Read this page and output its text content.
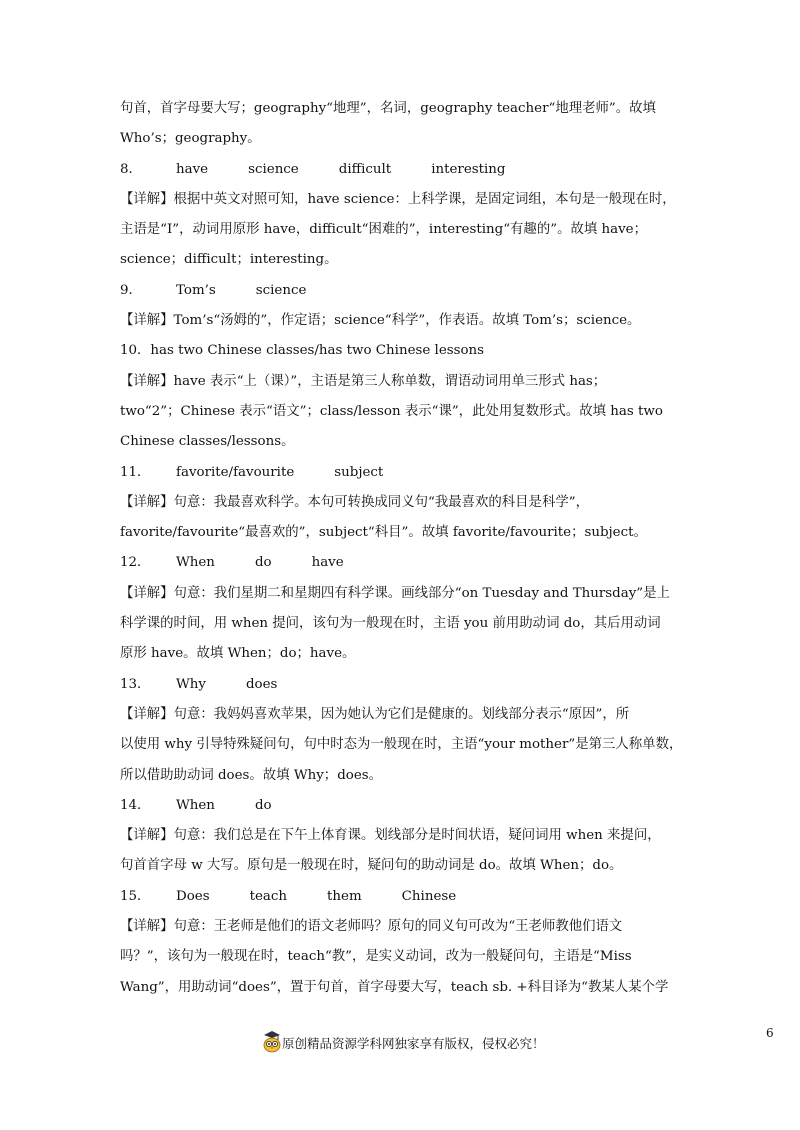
句首，首字母要大写；geography“地理”，名词，geography teacher“地理老师”。故填
Who’s；geography。
8．	have	science	difficult	interesting
【详解】根据中英文对照可知，have science：上科学课，是固定词组，本句是一般现在时，
主语是“I”，动词用原形 have，difficult“困难的”，interesting“有趣的”。故填 have；
science；difficult；interesting。
9．	Tom’s	science
【详解】Tom’s“汤姆的”，作定语；science“科学”，作表语。故填 Tom’s；science。
10．has two Chinese classes/has two Chinese lessons
【详解】have 表示“上（课）”，主语是第三人称单数，谓语动词用单三形式 has；
two“2”；Chinese 表示“语文”；class/lesson 表示“课”，此处用复数形式。故填 has two
Chinese classes/lessons。
11． favorite/favourite	subject
【详解】句意：我最喜欢科学。本句可转换成同义句“我最喜欢的科目是科学”，
favorite/favourite“最喜欢的”，subject“科目”。故填 favorite/favourite；subject。
12． When	do	have
【详解】句意：我们星期二和星期四有科学课。画线部分“on Tuesday and Thursday”是上
科学课的时间，用 when 提问，该句为一般现在时，主语 you 前用助动词 do，其后用动词
原形 have。故填 When；do；have。
13． Why	does
【详解】句意：我妈妈喜欢苹果，因为她认为它们是健康的。划线部分表示“原因”，所
以使用 why 引导特殊疑问句，句中时态为一般现在时，主语“your mother”是第三人称单数，
所以借助助动词 does。故填 Why；does。
14． When	do
【详解】句意：我们总是在下午上体育课。划线部分是时间状语，疑问词用 when 来提问，
句首首字母 w 大写。原句是一般现在时，疑问句的助动词是 do。故填 When；do。
15． Does	teach	them	Chinese
【详解】句意：王老师是他们的语文老师吗？原句的同义句可改为“王老师教他们语文
吗？”，该句为一般现在时，teach“教”，是实义动词，改为一般疑问句，主语是“Miss
Wang”，用助动词“does”，置于句首，首字母要大写，teach sb. +科目译为“教某人某个学
原创精品资源学科网独家享有版权，侵权必究！
6
